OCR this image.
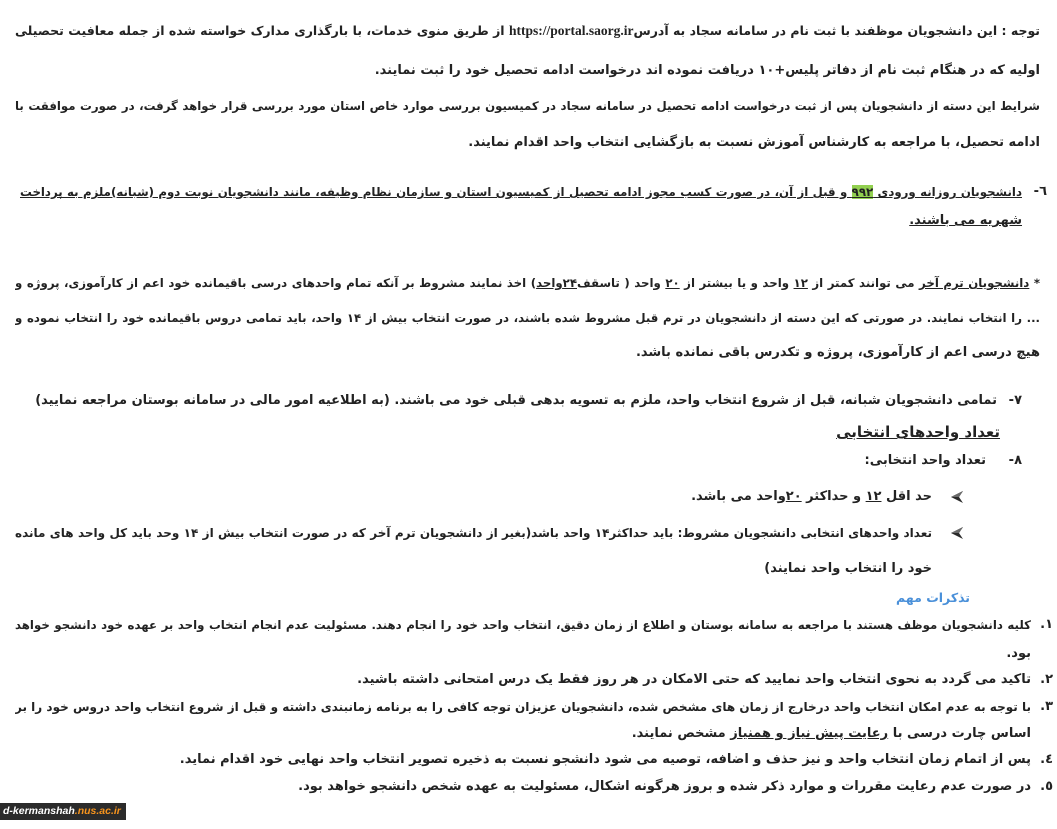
توجه : این دانشجویان موظفند با ثبت نام در سامانه سجاد به آدرسhttps://portal.saorg.ir از طریق منوی خدمات، با بارگذاری مدارک خواسته شده از جمله معافیت تحصیلی
اولیه که در هنگام ثبت نام از دفاتر پلیس+۱۰ دریافت نموده اند درخواست ادامه تحصیل خود را ثبت نمایند.
شرایط این دسته از دانشجویان پس از ثبت درخواست ادامه تحصیل در سامانه سجاد در کمیسیون بررسی موارد خاص استان مورد بررسی قرار خواهد گرفت، در صورت موافقت با
ادامه تحصیل، با مراجعه به کارشناس آموزش نسبت به بازگشایی انتخاب واحد اقدام نمایند.
٦-
دانشجویان روزانه ورودی ۹۹۲ و قبل از آن، در صورت کسب مجوز ادامه تحصیل از کمیسیون استان و سازمان نظام وظیفه، مانند دانشجویان نوبت دوم (شبانه)ملزم به پرداخت
شهریه می باشند.
* دانشجویان ترم آخر می توانند کمتر از ۱۲ واحد و یا بیشتر از ۲۰ واحد ( تاسقف۲۴واحد) اخذ نمایند مشروط بر آنکه تمام واحدهای درسی باقیمانده خود اعم از کارآموزی، پروژه و
... را انتخاب نمایند. در صورتی که این دسته از دانشجویان در ترم قبل مشروط شده باشند، در صورت انتخاب بیش از ۱۴ واحد، باید تمامی دروس باقیمانده خود را انتخاب نموده و
هیچ درسی اعم از کارآموزی، پروژه و تکدرس باقی نمانده باشد.
۷-
تمامی دانشجویان شبانه، قبل از شروع انتخاب واحد، ملزم به تسویه بدهی قبلی خود می باشند. (به اطلاعیه امور مالی در سامانه بوستان مراجعه نمایید)
تعداد واحدهای انتخابی
۸-
تعداد واحد انتخابی:
حد اقل ۱۲ و حداکثر ۲۰واحد می باشد.
تعداد واحدهای انتخابی دانشجویان مشروط: باید حداکثر۱۴ واحد باشد(بغیر از دانشجویان ترم آخر که در صورت انتخاب بیش از ۱۴ وحد باید کل واحد های مانده
خود را انتخاب واحد نمایند)
تذکرات مهم
۱.
کلیه دانشجویان موظف هستند با مراجعه به سامانه بوستان و اطلاع از زمان دقیق، انتخاب واحد خود را انجام دهند. مسئولیت عدم انجام انتخاب واحد بر عهده خود دانشجو خواهد
بود.
۲.
تاکید می گردد به نحوی انتخاب واحد نمایید که حتی الامکان در هر روز فقط یک درس امتحانی داشته باشید.
۳.
با توجه به عدم امکان انتخاب واحد درخارج از زمان های مشخص شده، دانشجویان عزیزان توجه کافی را به برنامه زمانبندی داشته و قبل از شروع انتخاب واحد دروس خود را بر
اساس چارت درسی با رعایت پیش نیاز و همنیاز مشخص نمایند.
٤.
پس از اتمام زمان انتخاب واحد و نیز حذف و اضافه، توصیه می شود دانشجو نسبت به ذخیره تصویر انتخاب واحد نهایی خود اقدام نماید.
٥.
در صورت عدم رعایت مقررات و موارد ذکر شده و بروز هرگونه اشکال، مسئولیت به عهده شخص دانشجو خواهد بود.
d-kermanshah.nus.ac.ir
